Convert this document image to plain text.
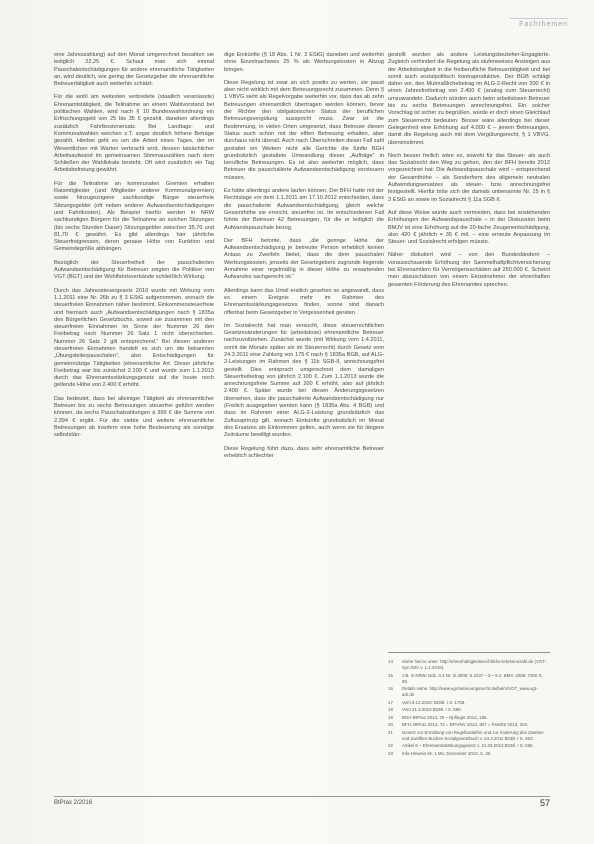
Fachthemen

eine Jahreszahlung) auf den Monat umgerechnet bezahlen sie lediglich 22,25 €. Schaut man sich einmal Pauschalentschädigungen für andere ehrenamtliche Tätigkeiten an, wird deutlich, wie gering der Gesetzgeber die ehrenamtliche Betreuertätigkeit auch weiterhin schätzt.

Für die wohl am weitesten verbreitete (staatlich veranlasste) Ehrenamtstätigkeit, die Teilnahme an einem Wahlvorstand bei politischen Wahlen, wird nach § 10 Bundeswahlordnung ein Erfrischungsgeld von 25 bis 35 € gezahlt, daneben allerdings zusätzlich Fahrtkostenersatz. Bei Landtags- und Kommunalwahlen weichen z.T. sogar deutlich höhere Beträge gezahlt. Hierbei geht es um die Arbeit eines Tages, der im Wesentlichen mit Warten verbracht wird, dessen tatsächlicher Arbeitsaufwand im gemeinsamen Stimmauszählen nach dem Schließen der Wahllokale besteht. Oft wird zusätzlich ein Tag Arbeitsbefreiung gewährt.

Für die Teilnahme an kommunalen Gremien erhalten Ratsmitglieder (und Mitglieder anderer Kommunalgremien) sowie hinzugezogene sachkundige Bürger steuerfreie Sitzungsgelder (oft neben anderer Aufwandsentschädigungen und Fahrtkosten). Als Beispiel hierfür werden in NRW sachkundigen Bürgern für die Teilnahme an solchen Sitzungen (bis sechs Stunden Dauer) Sitzungsgelder zwischen 35,70 und 81,70 € gewährt. Es gibt allerdings hier jährliche Steuerfreigrenzen, deren genaue Höhe von Funktion und Gemeindegröße abhängen.

Bezüglich der Steuerfreiheit der pauschalierten Aufwandsentschädigung für Betreuer zeigten die Politiker von VGT (BGT) und der Wohlfahrtsverbände schließlich Wirkung.

Durch das Jahressteuergesetz 2010 wurde mit Wirkung vom 1.1.2011 eine Nr. 26b zu § 3 EStG aufgenommen, wonach die steuerfreien Einnahmen näher bestimmt. Einkommensteuerfreie und hiernach auch „Aufwandsentschädigungen nach § 1835a des Bürgerlichen Gesetzbuchs, soweit sie zusammen mit den steuerfreien Einnahmen im Sinne der Nummer 26 den Freibetrag nach Nummer 26 Satz 1 nicht überschreiten. Nummer 26 Satz 2 gilt entsprechend.“ Bei diesen anderen steuerfreien Einnahmen handelt es sich um die bekannten „Übungsleiterpauschalen“, also Entschädigungen für gemeinnützige Tätigkeiten (ehrenamtliche Art. Dieser jährliche Freibetrag war bis zunächst 2.100 € und wurde zum 1.1.2013 durch das Ehrenamtsstärkungsgesetz auf die heute noch geltende Höhe von 2.400 € erhöht.

Das bedeutet, dass bei alleiniger Tätigkeit als ehrenamtlicher Betreuer bis zu sechs Betreuungen steuerfrei geführt werden können, da sechs Pauschalzahlungen à 399 € die Summe von 2.394 € ergibt. Für die siebte und weitere ehrenamtliche Betreuungen ab insofern eine hohe Besteuerung als sonstige selbststän-

dige Einkünfte (§ 18 Abs. 1 Nr. 3 EStG) daneben und weiterhin ohne Einzelnachweis 25 % als Werbungskosten in Abzug bringen.

Diese Regelung ist zwar an sich positiv zu werten, sie passt aber nicht wirklich mit dem Betreuungsrecht zusammen. Denn § 1 VBVG sieht als Regelvorgabe weiterhin vor, dass das ab zehn Betreuungen ehrenamtlich übertragen werden können, bevor der Richter den obligatorischen Status der beruflichen Betreuungsvergütung ausspricht muss. Zwar ist die Bestimmung, in vielen Orten umgesetzt, dass Betreuer diesen Status auch schon mit der elften Betreuung erhalten, aber durchaus nicht überall. Auch nach Überschreiten dieser Fall zahl gestattet ein Weitern nicht alle Gerichte die fünfte BGH grundsätzlich gestaltete Umwandlung dieser „Aufträge“ in berufliche Betreuungen. Es ist also weiterhin möglich, dass Betreuer die pauschalierte Aufwandsentschädigung versteuern müssen.

Es hätte allerdings andere laufen können. Der BFH hatte mit der Rechtslage vor dem 1.1.2011 am 17.10.2012 entschieden, dass die pauschalierte Aufwandsentschädigung, gleich welche Gesamthöhe sie erreicht, steuerfrei ist. Im entschiedenen Fall führte der Betreuer 42 Betreuungen, für die er lediglich die Aufwandspauschale bezog.

Der BFH betonte, dass „die geringe Höhe der Aufwandsentschädigung je betreuter Person erheblich keinen Anlass zu Zweifeln bietet, dass die dem pauschalen Werbungskosten, jenseits der Gesetzgebers zugrunde liegende Annahme einer regelmäßig in dieser Höhe zu erwartenden Aufwandes sachgerecht ist.“

Allerdings kann das Urteil erstlich gesehen so angewandt, dass es einem Ereignis mehr im Rahmen des Ehrenamtsstärkungsgesetzes finden, sonne sind danach offenbar beim Gesetzgeber in Vergessenheit geraten.

Im Sozialrecht hat man versucht, diese steuerrechtlichen Gesetzesänderungen für (arbeitslose) ehrenamtliche Betreuer nachzuvollziehen. Zunächst wurde (mit Wirkung vom 1.4.2011, somit die Monate später als im Steuerrecht) durch Gesetz vom 24.3.2011 eine Zahlung von 175 € nach § 1835a BGB, auf ALG-2-Leistungen im Rahmen des § 11b SGB-II, anrechnungsfrei gestellt. Dies entsprach umgerechnet dem damaligen Steuerfreibetrag von jährlich 2.100 €. Zum 1.1.2013 wurde die anrechnungsfreie Summe auf 200 € erhöht, also auf jährlich 2.400 €. Später wurde bei diesen Änderungsgesetzen übersehen, dass die pauschalierte Aufwandsentschädigung nur (Freilich ausgegeben werden kann (§ 1835a Abs. 4 BGB) und dass im Rahmen einer ALG-2-Leistung grundsätzlich das Zuflussprinzip gilt, wonach Einkünfte grundsätzlich im Monat des Ersatzes als Einkommen gelten, auch wenn sie für längere Zeiträume bewilligt wurden.

Diese Regelung führt dazu, dass sehr ehrenamtliche Betreuer erheblich schlechter

gestellt wurden als andere Leistungsbezieher-Engagierte. Zugleich verhindert die Regelung als stufenweises Ansteigen aus der Arbeitslosigkeit in die freiberufliche Betreuertätigkeit und bei somit auch sozialpolitisch kontraproduktive. Der BGB schlägt daher vor, den Mutmaßlichebetrag im ALG-2-Recht von 200 € in einen Jahresfreibetrag von 2.400 € (analog zum Steuerrecht) umzuwandeln. Dadurch würden auch beim arbeitslosen Betreuer bis zu sechs Betreuungen anrechnungsfrei. Ein solcher Vorschlag ist sicher zu begrüßen, würde er doch einen Gleichlauf zum Steuerrecht bedeuten. Besser wäre allerdings bei dieser Gelegenheit eine Erhöhung auf 4.000 € – jenem Betreuungen, damit die Regelung auch mit dem Vergütungsrecht, § 1 VBVG, übereinstimmt.

Noch besser freilich wäre es, sowohl für das Steuer- als auch das Sozialrecht den Weg zu gehen, den der BFH bereits 2012 vorgezeichnet hat: Die Aufwandspauschale wird – entsprechend der Gesamthöhe – als Sonderform des allgemein neutralen Aufwendungsersatzes als steuer- bzw. anrechnungsfrei festgestellt. Hierfür böte sich der damals unbenannte Nr. 15 in § 3 EStG an sowie im Sozialrecht § 11a SGB II.

Auf diese Weise würde auch vermieden, dass bei anstehenden Erhöhungen der Aufwandspauschale – in der Diskussion beim BMJV ist eine Erhöhung auf die 20-fache Zeugenentschädigung, also 420 € jährlich = 35 € mtl. – eine erneute Anpassung im Steuer- und Sozialrecht erfolgen müsste.

Näher diskutiert wird – von den Bundesländern – vorausschauende Erhöhung der Sammelhaftpflichtversicherung bei Ehrenamtlern für Vermögensschäden auf 250.000 €. Scheint man abzuschätzen von einem Einzelnehmer der ehrenhaften gesamten Förderung des Ehrenamtes sprechen.

14	Siehe hierzu unter: http://ehrenhaftigkeitsrechtliche-lehrkennzahl.de (VGT-Syn./WV v. 1.1.2016).
15	z.B. in NRW: Nds. 0.4 Nr. 2/.2006: 5.2237 – 3 – 9 2. BMV. 2006: 7300 S. 90.
16	Details siehe: http://www.vgt-betreuungsrecht.de/beim/VGT_www.vgt-adr.de.
17	Vom 8.12.2010: BGBl. I S. 1768.
18	Vom 21.3.2013 BGBl. I S. 556.
19	BGH BtPrax 2014, 76 – Rpfleger 2014, 186.
20	BFH, BtPrax 2013, 72 = BFH/NV 2013, 307 = FamRZ 2013, 204.
21	Gesetz zur Ermittlung von Regelbedarfen und zur Änderung des Zweiten und Zwölften Buches Sozialgesetzbuch v. 24.3.2011 BGBl. I S. 453.
22	Artikel 6 – Ehrenamtsstärkungsgesetz v. 21.03.2013 BGBl. I S. 556.
23	Info-Hinweis Nr. 1 Mo. Dezember 2013, S. 20.
BtPrax 2/2016	57
